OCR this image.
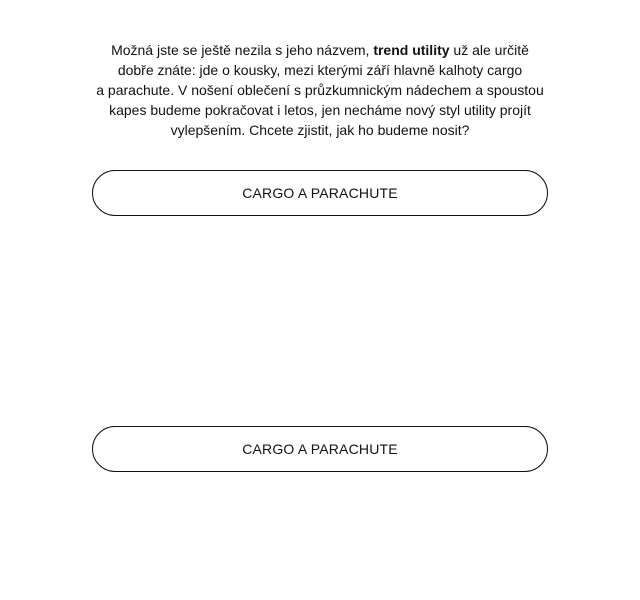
Možná jste se ještě nezila s jeho názvem, trend utility už ale určitě
dobře znáte: jde o kousky, mezi kterými září hlavně kalhoty cargo
a parachute. V nošení oblečení s průzkumnickým nádechem a spoustou
kapes budeme pokračovat i letos, jen necháme nový styl utility projít
vylepšením. Chcete zjistit, jak ho budeme nosit?

CARGO A PARACHUTE
CARGO A PARACHUTE
